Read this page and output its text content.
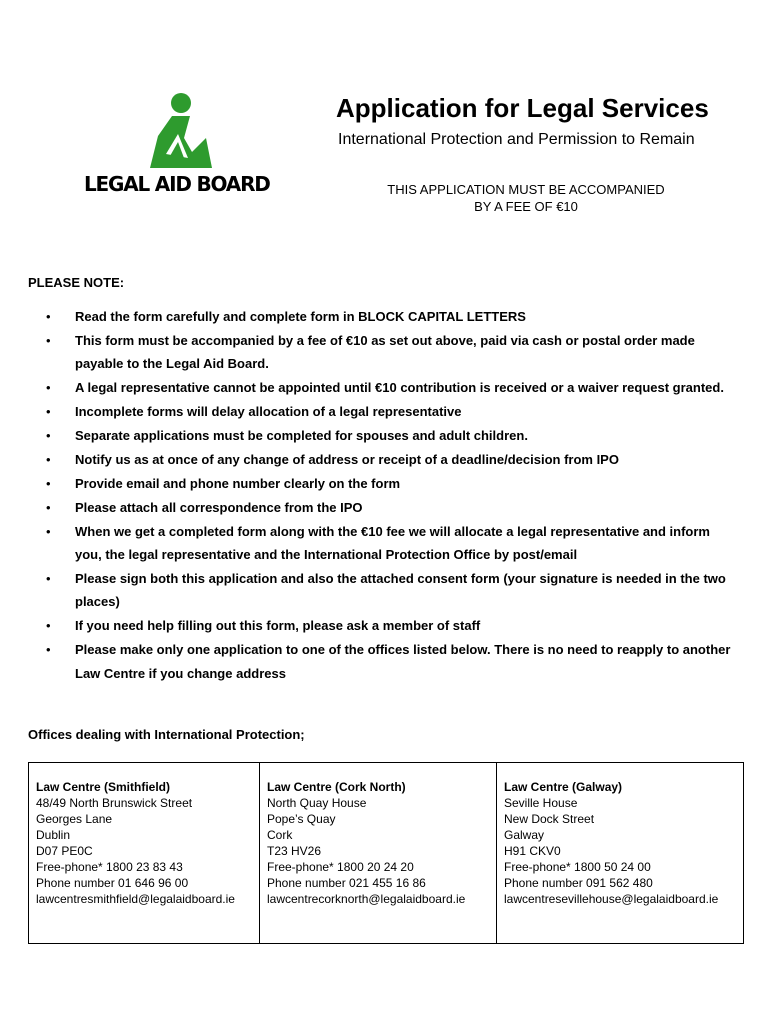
LEGAL AID BOARD
Application for Legal Services
International Protection and Permission to Remain
THIS APPLICATION MUST BE ACCOMPANIED
BY A FEE OF €10
PLEASE NOTE:
• Read the form carefully and complete form in BLOCK CAPITAL LETTERS
• This form must be accompanied by a fee of €10 as set out above, paid via cash or postal order made payable to the Legal Aid Board.
• A legal representative cannot be appointed until €10 contribution is received or a waiver request granted.
• Incomplete forms will delay allocation of a legal representative
• Separate applications must be completed for spouses and adult children.
• Notify us as at once of any change of address or receipt of a deadline/decision from IPO
• Provide email and phone number clearly on the form
• Please attach all correspondence from the IPO
• When we get a completed form along with the €10 fee we will allocate a legal representative and inform you, the legal representative and the International Protection Office by post/email
• Please sign both this application and also the attached consent form (your signature is needed in the two places)
• If you need help filling out this form, please ask a member of staff
• Please make only one application to one of the offices listed below. There is no need to reapply to another Law Centre if you change address
Offices dealing with International Protection;
Law Centre (Smithfield)
48/49 North Brunswick Street
Georges Lane
Dublin
D07 PE0C
Free-phone* 1800 23 83 43
Phone number 01 646 96 00
lawcentresmithfield@legalaidboard.ie
Law Centre (Cork North)
North Quay House
Pope’s Quay
Cork
T23 HV26
Free-phone* 1800 20 24 20
Phone number 021 455 16 86
lawcentrecorknorth@legalaidboard.ie
Law Centre (Galway)
Seville House
New Dock Street
Galway
H91 CKV0
Free-phone* 1800 50 24 00
Phone number 091 562 480
lawcentresevillehouse@legalaidboard.ie
